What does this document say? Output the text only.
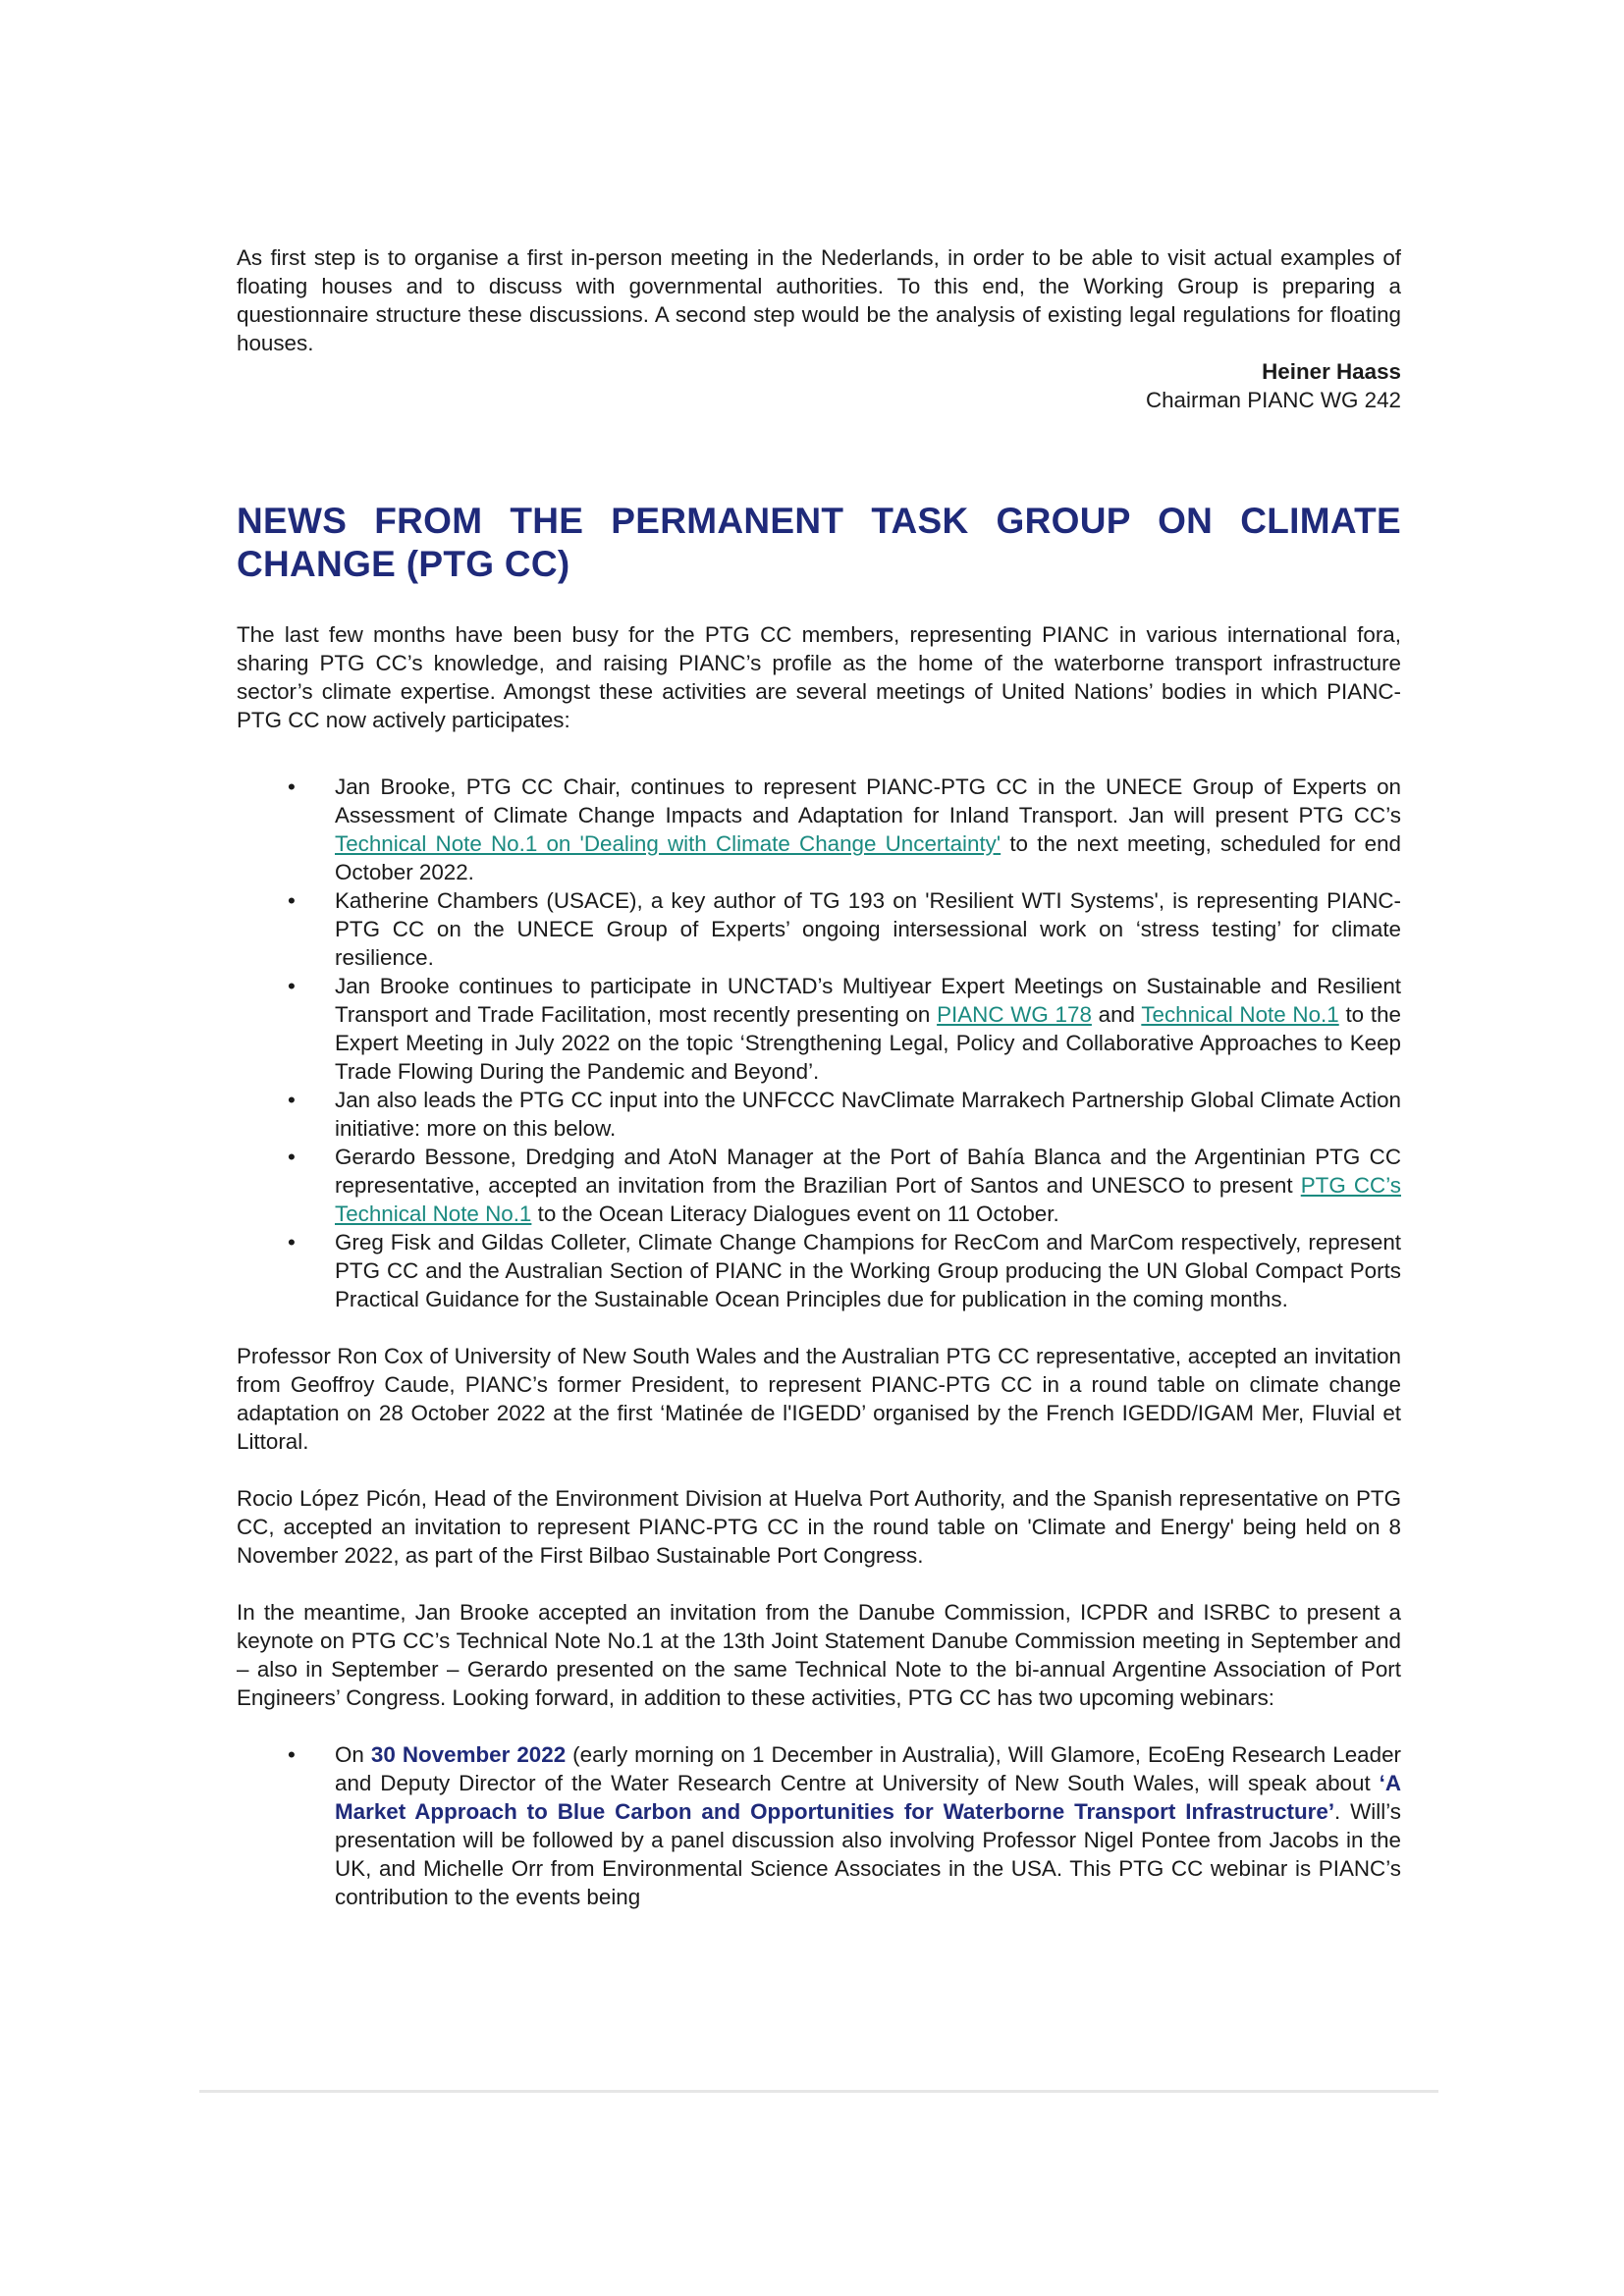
As first step is to organise a first in-person meeting in the Nederlands, in order to be able to visit actual examples of floating houses and to discuss with governmental authorities. To this end, the Working Group is preparing a questionnaire structure these discussions. A second step would be the analysis of existing legal regulations for floating houses.

Heiner Haass
Chairman PIANC WG 242
NEWS FROM THE PERMANENT TASK GROUP ON CLIMATE CHANGE (PTG CC)

The last few months have been busy for the PTG CC members, representing PIANC in various international fora, sharing PTG CC’s knowledge, and raising PIANC’s profile as the home of the waterborne transport infrastructure sector’s climate expertise. Amongst these activities are several meetings of United Nations’ bodies in which PIANC-PTG CC now actively participates:

• Jan Brooke, PTG CC Chair, continues to represent PIANC-PTG CC in the UNECE Group of Experts on Assessment of Climate Change Impacts and Adaptation for Inland Transport. Jan will present PTG CC’s Technical Note No.1 on 'Dealing with Climate Change Uncertainty' to the next meeting, scheduled for end October 2022.
• Katherine Chambers (USACE), a key author of TG 193 on 'Resilient WTI Systems', is representing PIANC-PTG CC on the UNECE Group of Experts’ ongoing intersessional work on ‘stress testing’ for climate resilience.
• Jan Brooke continues to participate in UNCTAD’s Multiyear Expert Meetings on Sustainable and Resilient Transport and Trade Facilitation, most recently presenting on PIANC WG 178 and Technical Note No.1 to the Expert Meeting in July 2022 on the topic ‘Strengthening Legal, Policy and Collaborative Approaches to Keep Trade Flowing During the Pandemic and Beyond’.
• Jan also leads the PTG CC input into the UNFCCC NavClimate Marrakech Partnership Global Climate Action initiative: more on this below.
• Gerardo Bessone, Dredging and AtoN Manager at the Port of Bahía Blanca and the Argentinian PTG CC representative, accepted an invitation from the Brazilian Port of Santos and UNESCO to present PTG CC’s Technical Note No.1 to the Ocean Literacy Dialogues event on 11 October.
• Greg Fisk and Gildas Colleter, Climate Change Champions for RecCom and MarCom respectively, represent PTG CC and the Australian Section of PIANC in the Working Group producing the UN Global Compact Ports Practical Guidance for the Sustainable Ocean Principles due for publication in the coming months.

Professor Ron Cox of University of New South Wales and the Australian PTG CC representative, accepted an invitation from Geoffroy Caude, PIANC’s former President, to represent PIANC-PTG CC in a round table on climate change adaptation on 28 October 2022 at the first ‘Matinée de l'IGEDD’ organised by the French IGEDD/IGAM Mer, Fluvial et Littoral.

Rocio López Picón, Head of the Environment Division at Huelva Port Authority, and the Spanish representative on PTG CC, accepted an invitation to represent PIANC-PTG CC in the round table on 'Climate and Energy' being held on 8 November 2022, as part of the First Bilbao Sustainable Port Congress.

In the meantime, Jan Brooke accepted an invitation from the Danube Commission, ICPDR and ISRBC to present a keynote on PTG CC’s Technical Note No.1 at the 13th Joint Statement Danube Commission meeting in September and – also in September – Gerardo presented on the same Technical Note to the bi-annual Argentine Association of Port Engineers’ Congress. Looking forward, in addition to these activities, PTG CC has two upcoming webinars:

• On 30 November 2022 (early morning on 1 December in Australia), Will Glamore, EcoEng Research Leader and Deputy Director of the Water Research Centre at University of New South Wales, will speak about ‘A Market Approach to Blue Carbon and Opportunities for Waterborne Transport Infrastructure’. Will’s presentation will be followed by a panel discussion also involving Professor Nigel Pontee from Jacobs in the UK, and Michelle Orr from Environmental Science Associates in the USA. This PTG CC webinar is PIANC’s contribution to the events being
